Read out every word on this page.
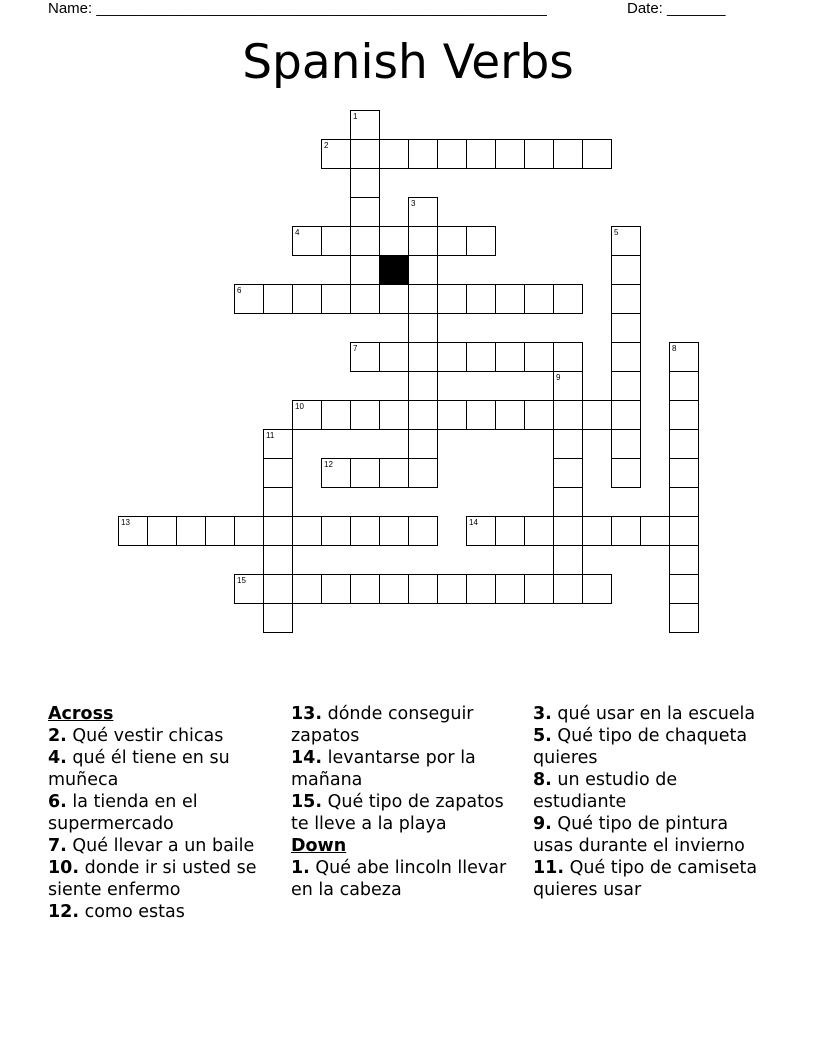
Name: ______________________________________________________	Date: _______
Spanish Verbs
1
2
3
4	5
6
7	8
9
10
11
12
13	14
15
Across
2. Qué vestir chicas
4. qué él tiene en su muñeca
6. la tienda en el supermercado
7. Qué llevar a un baile
10. donde ir si usted se siente enfermo
12. como estas
13. dónde conseguir zapatos
14. levantarse por la mañana
15. Qué tipo de zapatos te lleve a la playa
Down
1. Qué abe lincoln llevar en la cabeza
3. qué usar en la escuela
5. Qué tipo de chaqueta quieres
8. un estudio de estudiante
9. Qué tipo de pintura usas durante el invierno
11. Qué tipo de camiseta quieres usar
